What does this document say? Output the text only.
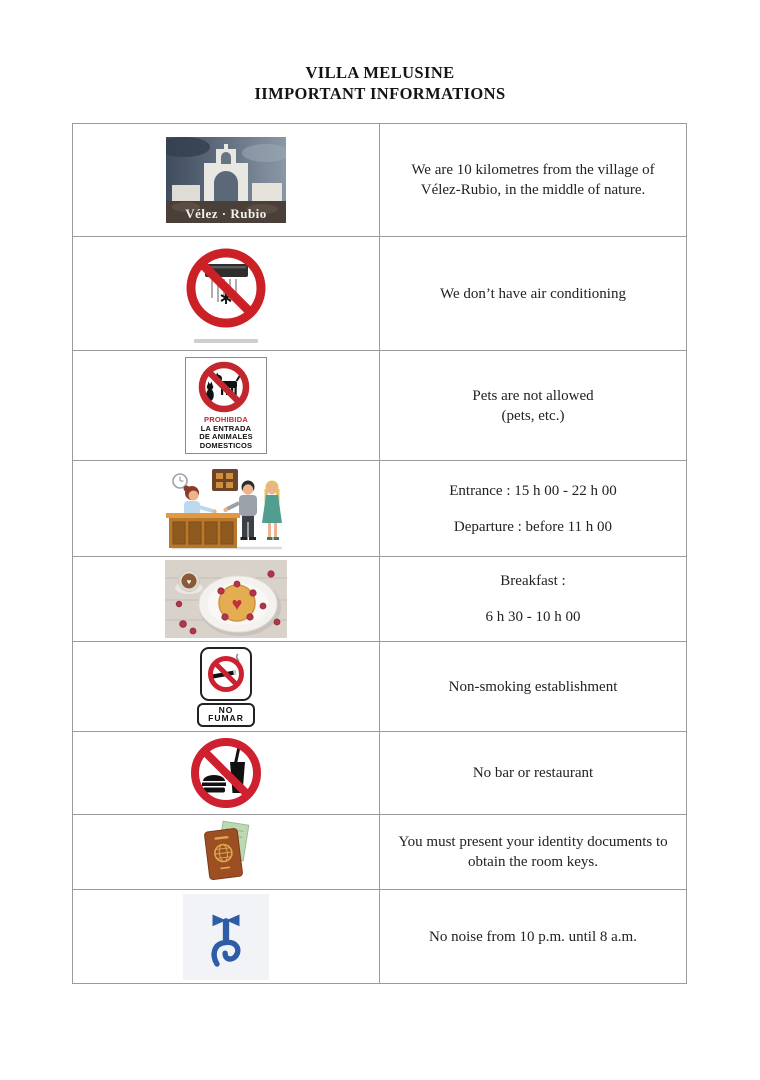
VILLA MELUSINE
IIMPORTANT INFORMATIONS
Vélez · Rubio
We are 10 kilometres from the village of Vélez-Rubio, in the middle of nature.
We don’t have air conditioning
PROHIBIDA
LA ENTRADA
DE ANIMALES
DOMESTICOS
Pets are not allowed
(pets, etc.)
Entrance : 15 h 00 - 22 h 00
Departure : before 11 h 00
♥
♥	Breakfast :
6 h 30 - 10 h 00
NO
FUMAR
Non-smoking establishment
No bar or restaurant
You must present your identity documents to obtain the room keys.
No noise from 10 p.m. until 8 a.m.
